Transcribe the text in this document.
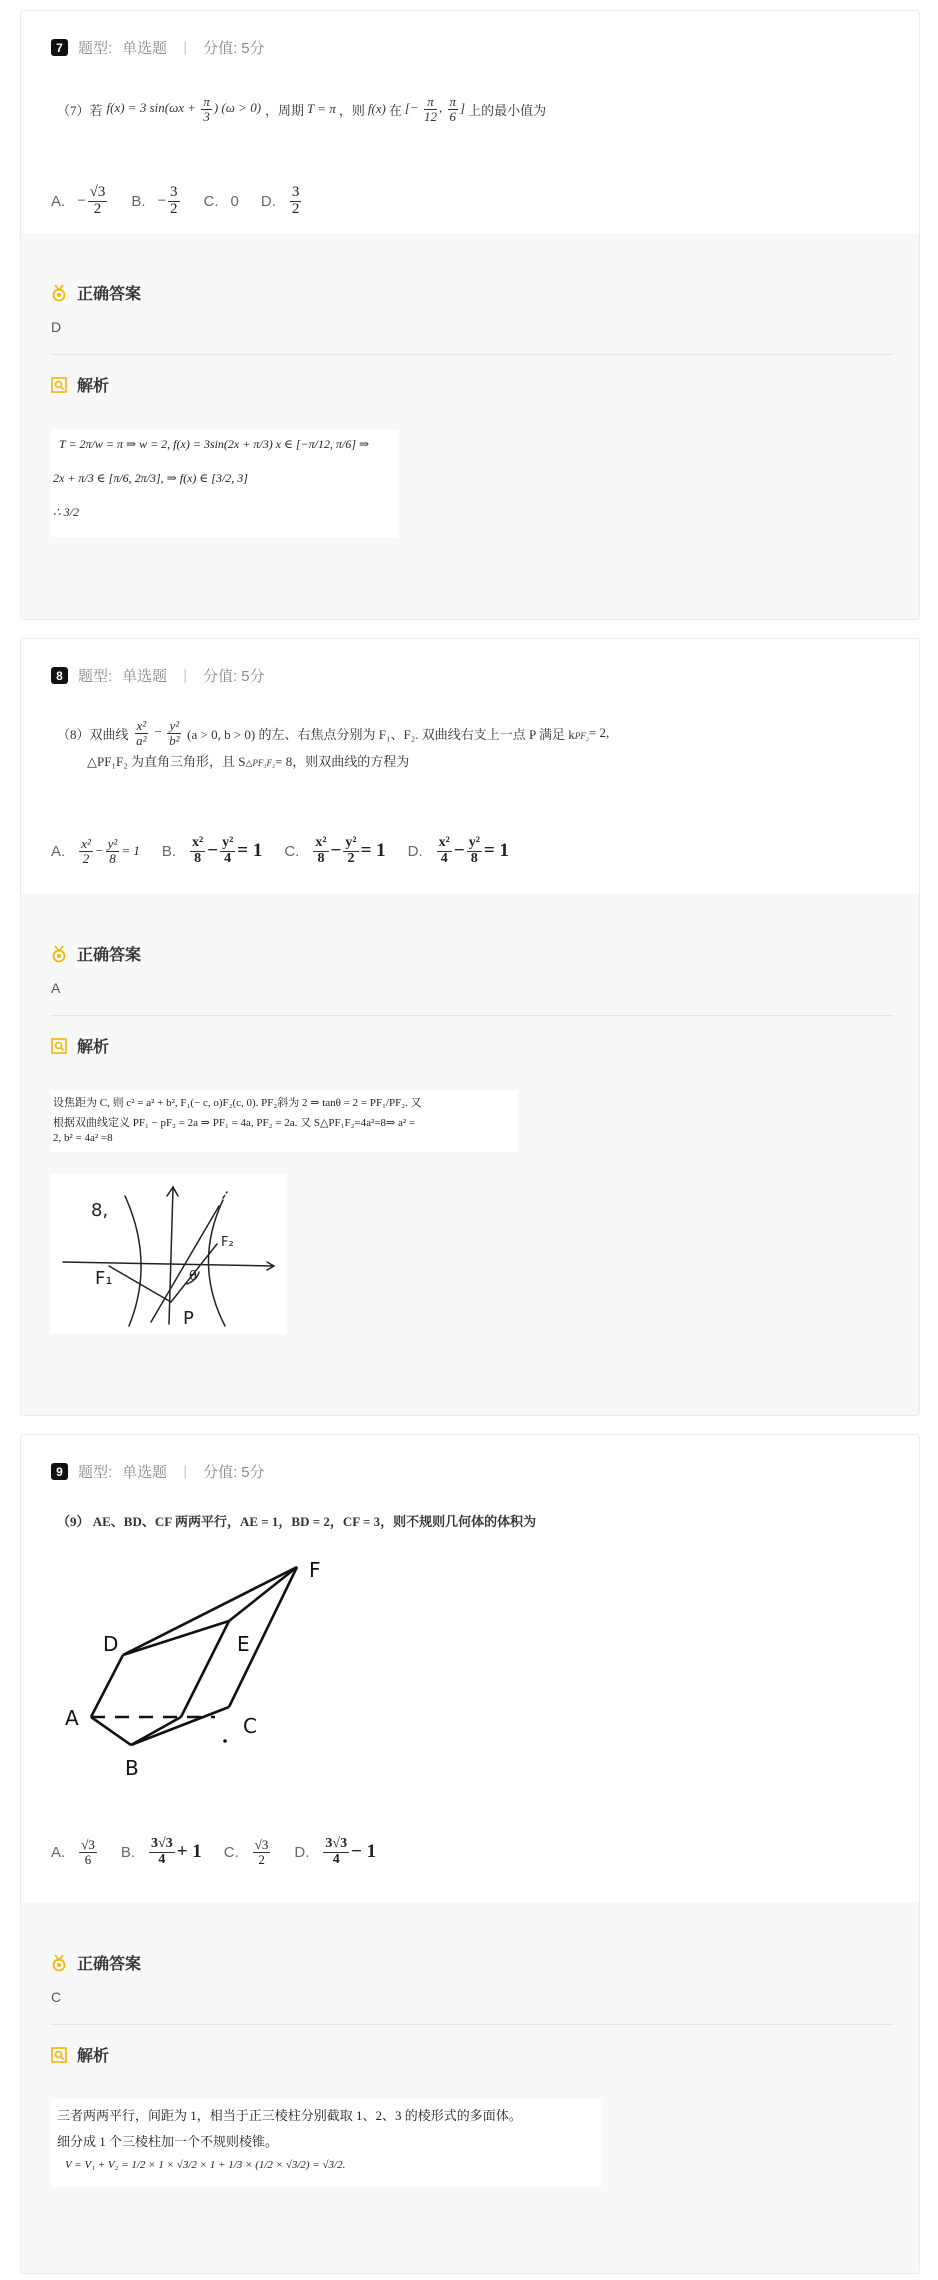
7	题型: 单选题 | 分值: 5分
（7）若 f(x) = 3 $\sin(\omega x + \frac{\pi}{3}$ ) (ω > 0) ，周期 T = π ，则 f(x) 在 [− $\frac{\pi}{12}$ , $\frac{\pi}{6}$ ] 上的最小值为
A. − $\frac{√3}{2} B$. − $\frac{3}{2} C$. 0 D. $\frac{3}{2}$
正确答案
D
解析
T = 2π/w = π ⇒ w = 2, f(x) = 3sin(2x + π/3) x ∈ [−π/12, π/6] ⇒
2x + π/3 ∈ [π/6, 2π/3], ⇒ f(x) ∈ [3/2, 3]
∴ 3/2
8	题型: 单选题 | 分值: 5分
（8）双曲线 $\frac{\text{x²}}{\text{a²}} - \frac{\text{y²}}{\text{b²}} (a > 0$, b > 0) 的左、右焦点分别为 F₁、F₂. 双曲线右支上一点 P 满足 k PF₂ = 2,
△PF₁F₂ 为直角三角形，且 S △PF₁F₂ = 8，则双曲线的方程为
A. $\frac{\text{x²}}{2} - \frac{\text{y²}}{8} = 1$ B. $\frac{\text{x²}}{8} - \frac{\text{y²}}{4} = 1$ C. $\frac{\text{x²}}{8} - \frac{\text{y²}}{2} = 1$ D. $\frac{\text{x²}}{4} - \frac{\text{y²}}{8} = 1$
正确答案
A
解析
设焦距为 C, 则 c² = a² + b², F₁(− c, o)F₂(c, 0). PF₂斜为 2 ⇒ tanθ = 2 = PF₁/PF₂. 又
根据双曲线定义 PF₁ − pF₂ = 2a ⇒ PF₁ = 4a, PF₂ = 2a. 又 S△PF₁F₂=4a²=8⇒ a² =
2, b² = 4a² =8
8,
F₁
P
F₂
θ
9	题型: 单选题 | 分值: 5分
（9） AE、BD、CF 两两平行，AE = 1，BD = 2，CF = 3，则不规则几何体的体积为
D	E
F
A	C
B
A. $\frac{√3}{6} B$. $\frac{3√3}{4} + 1$ C. $\frac{√3}{2} D$. $\frac{3√3}{4} - 1$
正确答案
C
解析
三者两两平行，间距为 1，相当于正三棱柱分别截取 1、2、3 的棱形式的多面体。
细分成 1 个三棱柱加一个不规则棱锥。
V = V₁ + V₂ = 1/2 × 1 × √3/2 × 1 + 1/3 × (1/2 × √3/2) = √3/2.
